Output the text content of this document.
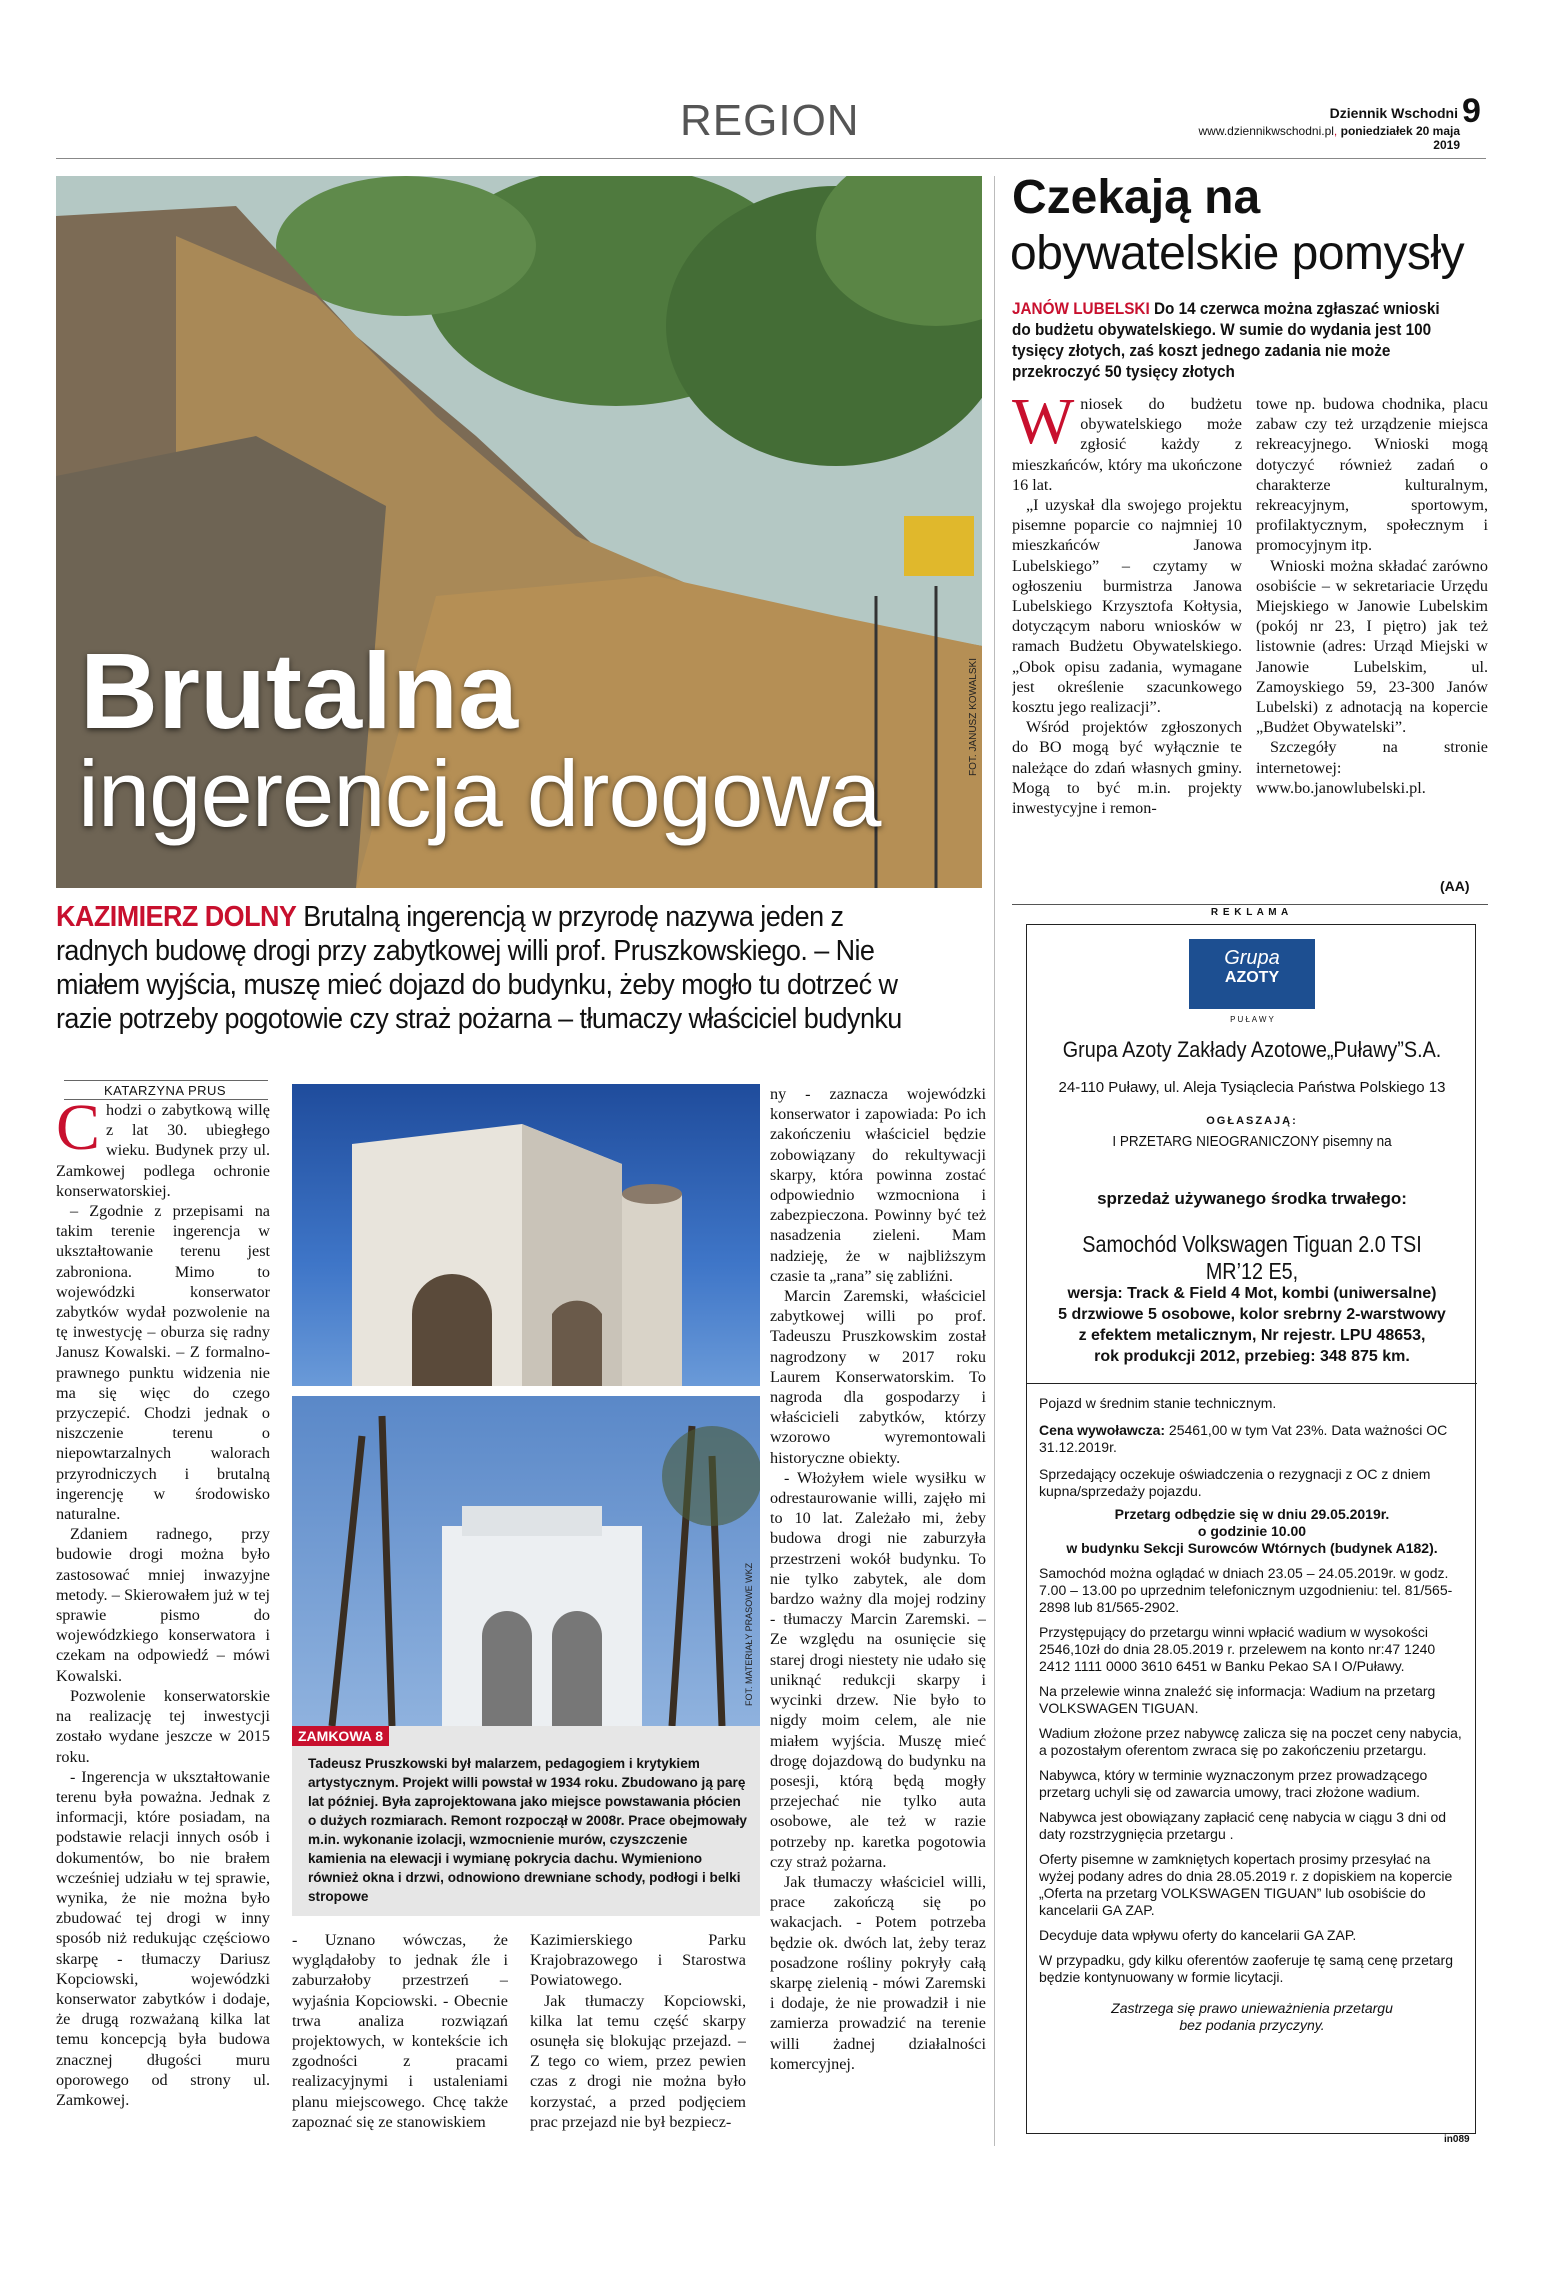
REGION	Dziennik Wschodni 9
www.dziennikwschodni.pl, poniedziałek 20 maja 2019
Brutalna
ingerencja drogowa
FOT. JANUSZ KOWALSKI
KAZIMIERZ DOLNY Brutalną ingerencją w przyrodę nazywa jeden z radnych budowę drogi przy zabytkowej willi prof. Pruszkowskiego. – Nie miałem wyjścia, muszę mieć dojazd do budynku, żeby mogło tu dotrzeć w razie potrzeby pogotowie czy straż pożarna – tłumaczy właściciel budynku
KATARZYNA PRUS

Chodzi o zabytkową willę z lat 30. ubiegłego wieku. Budynek przy ul. Zamkowej podlega ochronie konserwatorskiej.

– Zgodnie z przepisami na takim terenie ingerencja w ukształtowanie terenu jest zabroniona. Mimo to wojewódzki konserwator zabytków wydał pozwolenie na tę inwestycję – oburza się radny Janusz Kowalski. – Z formalno-prawnego punktu widzenia nie ma się więc do czego przyczepić. Chodzi jednak o niszczenie terenu o niepowtarzalnych walorach przyrodniczych i brutalną ingerencję w środowisko naturalne.

Zdaniem radnego, przy budowie drogi można było zastosować mniej inwazyjne metody. – Skierowałem już w tej sprawie pismo do wojewódzkiego konserwatora i czekam na odpowiedź – mówi Kowalski.

Pozwolenie konserwatorskie na realizację tej inwestycji zostało wydane jeszcze w 2015 roku.

- Ingerencja w ukształtowanie terenu była poważna. Jednak z informacji, które posiadam, na podstawie relacji innych osób i dokumentów, bo nie brałem wcześniej udziału w tej sprawie, wynika, że nie można było zbudować tej drogi w inny sposób niż redukując częściowo skarpę - tłumaczy Dariusz Kopciowski, wojewódzki konserwator zabytków i dodaje, że drugą rozważaną kilka lat temu koncepcją była budowa znacznej długości muru oporowego od strony ul. Zamkowej.

FOT. MATERIAŁY PRASOWE WKZ
ZAMKOWA 8
Tadeusz Pruszkowski był malarzem, pedagogiem i krytykiem artystycznym. Projekt willi powstał w 1934 roku. Zbudowano ją parę lat później. Była zaprojektowana jako miejsce powstawania płócien o dużych rozmiarach. Remont rozpoczął w 2008r. Prace obejmowały m.in. wykonanie izolacji, wzmocnienie murów, czyszczenie kamienia na elewacji i wymianę pokrycia dachu. Wymieniono również okna i drzwi, odnowiono drewniane schody, podłogi i belki stropowe

- Uznano wówczas, że wyglądałoby to jednak źle i zaburzałoby przestrzeń – wyjaśnia Kopciowski. - Obecnie trwa analiza rozwiązań projektowych, w kontekście ich zgodności z pracami realizacyjnymi i ustaleniami planu miejscowego. Chcę także zapoznać się ze stanowiskiem

Kazimierskiego Parku Krajobrazowego i Starostwa Powiatowego.

Jak tłumaczy Kopciowski, kilka lat temu część skarpy osunęła się blokując przejazd. – Z tego co wiem, przez pewien czas z drogi nie można było korzystać, a przed podjęciem prac przejazd nie był bezpiecz-

ny - zaznacza wojewódzki konserwator i zapowiada: Po ich zakończeniu właściciel będzie zobowiązany do rekultywacji skarpy, która powinna zostać odpowiednio wzmocniona i zabezpieczona. Powinny być też nasadzenia zieleni. Mam nadzieję, że w najbliższym czasie ta „rana” się zabliźni.

Marcin Zaremski, właściciel zabytkowej willi po prof. Tadeuszu Pruszkowskim został nagrodzony w 2017 roku Laurem Konserwatorskim. To nagroda dla gospodarzy i właścicieli zabytków, którzy wzorowo wyremontowali historyczne obiekty.

- Włożyłem wiele wysiłku w odrestaurowanie willi, zajęło mi to 10 lat. Zależało mi, żeby budowa drogi nie zaburzyła przestrzeni wokół budynku. To nie tylko zabytek, ale dom bardzo ważny dla mojej rodziny - tłumaczy Marcin Zaremski. – Ze względu na osunięcie się starej drogi niestety nie udało się uniknąć redukcji skarpy i wycinki drzew. Nie było to nigdy moim celem, ale nie miałem wyjścia. Muszę mieć drogę dojazdową do budynku na posesji, którą będą mogły przejechać nie tylko auta osobowe, ale też w razie potrzeby np. karetka pogotowia czy straż pożarna.

Jak tłumaczy właściciel willi, prace zakończą się po wakacjach. - Potem potrzeba będzie ok. dwóch lat, żeby teraz posadzone rośliny pokryły całą skarpę zielenią - mówi Zaremski i dodaje, że nie prowadził i nie zamierza prowadzić na terenie willi żadnej działalności komercyjnej.

Czekają na
obywatelskie pomysły
JANÓW LUBELSKI Do 14 czerwca można zgłaszać wnioski do budżetu obywatelskiego. W sumie do wydania jest 100 tysięcy złotych, zaś koszt jednego zadania nie może przekroczyć 50 tysięcy złotych

Wniosek do budżetu obywatelskiego może zgłosić każdy z mieszkańców, który ma ukończone 16 lat.

„I uzyskał dla swojego projektu pisemne poparcie co najmniej 10 mieszkańców Janowa Lubelskiego” – czytamy w ogłoszeniu burmistrza Janowa Lubelskiego Krzysztofa Kołtysia, dotyczącym naboru wniosków w ramach Budżetu Obywatelskiego. „Obok opisu zadania, wymagane jest określenie szacunkowego kosztu jego realizacji”.

Wśród projektów zgłoszonych do BO mogą być wyłącznie te należące do zdań własnych gminy. Mogą to być m.in. projekty inwestycyjne i remon-

towe np. budowa chodnika, placu zabaw czy też urządzenie miejsca rekreacyjnego. Wnioski mogą dotyczyć również zadań o charakterze kulturalnym, rekreacyjnym, sportowym, profilaktycznym, społecznym i promocyjnym itp.

Wnioski można składać zarówno osobiście – w sekretariacie Urzędu Miejskiego w Janowie Lubelskim (pokój nr 23, I piętro) jak też listownie (adres: Urząd Miejski w Janowie Lubelskim, ul. Zamoyskiego 59, 23-300 Janów Lubelski) z adnotacją na kopercie „Budżet Obywatelski”.

Szczegóły na stronie internetowej: www.bo.janowlubelski.pl.

(AA)
R E K L A M A
Grupa
AZOTY
P U Ł A W Y
Grupa Azoty Zakłady Azotowe„Puławy”S.A.
24-110 Puławy, ul. Aleja Tysiąclecia Państwa Polskiego 13
OGŁASZAJĄ:
I PRZETARG NIEOGRANICZONY pisemny na
sprzedaż używanego środka trwałego:
Samochód Volkswagen Tiguan 2.0 TSI MR’12 E5,
wersja: Track & Field 4 Mot, kombi (uniwersalne)
5 drzwiowe 5 osobowe, kolor srebrny 2-warstwowy
z efektem metalicznym, Nr rejestr. LPU 48653,
rok produkcji 2012, przebieg: 348 875 km.

Pojazd w średnim stanie technicznym.

Cena wywoławcza: 25461,00 w tym Vat 23%. Data ważności OC 31.12.2019r.

Sprzedający oczekuje oświadczenia o rezygnacji z OC z dniem kupna/sprzedaży pojazdu.

Przetarg odbędzie się w dniu 29.05.2019r.
o godzinie 10.00
w budynku Sekcji Surowców Wtórnych (budynek A182).

Samochód można oglądać w dniach 23.05 – 24.05.2019r. w godz. 7.00 – 13.00 po uprzednim telefonicznym uzgodnieniu: tel. 81/565-2898 lub 81/565-2902.

Przystępujący do przetargu winni wpłacić wadium w wysokości 2546,10zł do dnia 28.05.2019 r. przelewem na konto nr:47 1240 2412 1111 0000 3610 6451 w Banku Pekao SA I O/Puławy.

Na przelewie winna znaleźć się informacja: Wadium na przetarg VOLKSWAGEN TIGUAN.

Wadium złożone przez nabywcę zalicza się na poczet ceny nabycia, a pozostałym oferentom zwraca się po zakończeniu przetargu.

Nabywca, który w terminie wyznaczonym przez prowadzącego przetarg uchyli się od zawarcia umowy, traci złożone wadium.

Nabywca jest obowiązany zapłacić cenę nabycia w ciągu 3 dni od daty rozstrzygnięcia przetargu .

Oferty pisemne w zamkniętych kopertach prosimy przesyłać na wyżej podany adres do dnia 28.05.2019 r. z dopiskiem na kopercie „Oferta na przetarg VOLKSWAGEN TIGUAN” lub osobiście do kancelarii GA ZAP.

Decyduje data wpływu oferty do kancelarii GA ZAP.

W przypadku, gdy kilku oferentów zaoferuje tę samą cenę przetarg będzie kontynuowany w formie licytacji.

Zastrzega się prawo unieważnienia przetargu
bez podania przyczyny.
in089
